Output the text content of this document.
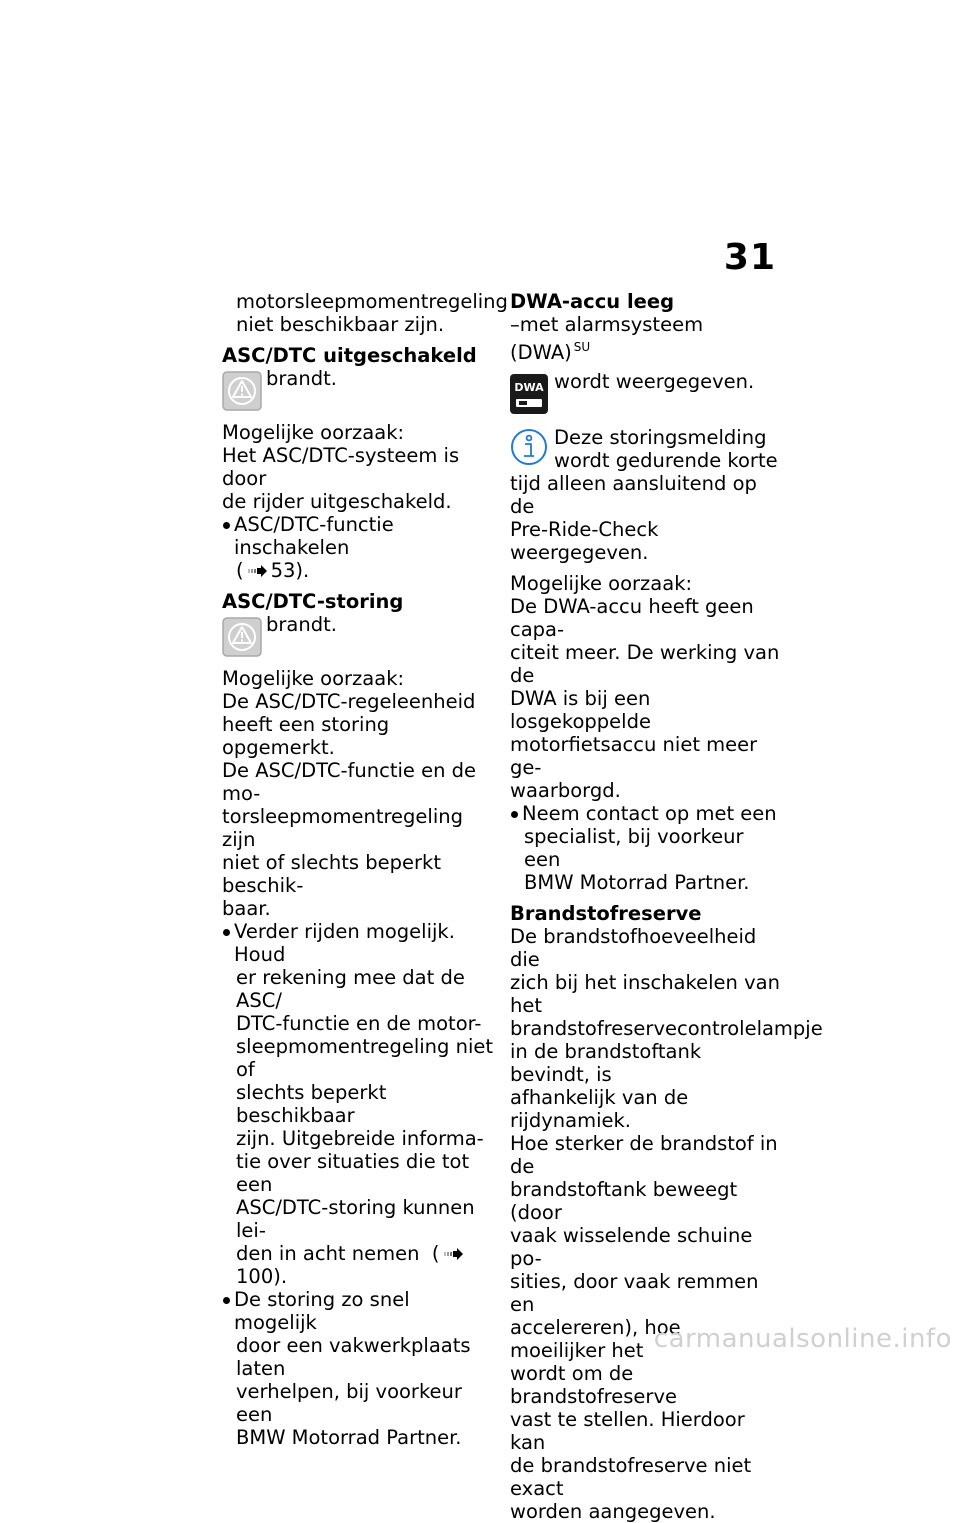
31
motorsleepmomentregeling
niet beschikbaar zijn.
ASC/DTC uitgeschakeld
brandt.
Mogelijke oorzaak:
Het ASC/DTC-systeem is door
de rijder uitgeschakeld.
ASC/DTC-functie inschakelen
( 53).
ASC/DTC-storing
brandt.
Mogelijke oorzaak:
De ASC/DTC-regeleenheid
heeft een storing opgemerkt.
De ASC/DTC-functie en de mo-
torsleepmomentregeling zijn
niet of slechts beperkt beschik-
baar.
Verder rijden mogelijk. Houd
er rekening mee dat de ASC/
DTC-functie en de motor-
sleepmomentregeling niet of
slechts beperkt beschikbaar
zijn. Uitgebreide informa-
tie over situaties die tot een
ASC/DTC-storing kunnen lei-
den in acht nemen (100).
De storing zo snel mogelijk
door een vakwerkplaats laten
verhelpen, bij voorkeur een
BMW Motorrad Partner.
DWA-accu leeg
–met alarmsysteem (DWA) $^{SU}$
DWA wordt weergegeven.
Deze storingsmelding
wordt gedurende korte
tijd alleen aansluitend op de
Pre-Ride-Check weergegeven.
Mogelijke oorzaak:
De DWA-accu heeft geen capa-
citeit meer. De werking van de
DWA is bij een losgekoppelde
motorfietsaccu niet meer ge-
waarborgd.
Neem contact op met een
specialist, bij voorkeur een
BMW Motorrad Partner.
Brandstofreserve
De brandstofhoeveelheid die
zich bij het inschakelen van het
brandstofreservecontrolelampje
in de brandstoftank bevindt, is
afhankelijk van de rijdynamiek.
Hoe sterker de brandstof in de
brandstoftank beweegt (door
vaak wisselende schuine po-
sities, door vaak remmen en
accelereren), hoe moeilijker het
wordt om de brandstofreserve
vast te stellen. Hierdoor kan
de brandstofreserve niet exact
worden aangegeven.
carmanualsonline.info
